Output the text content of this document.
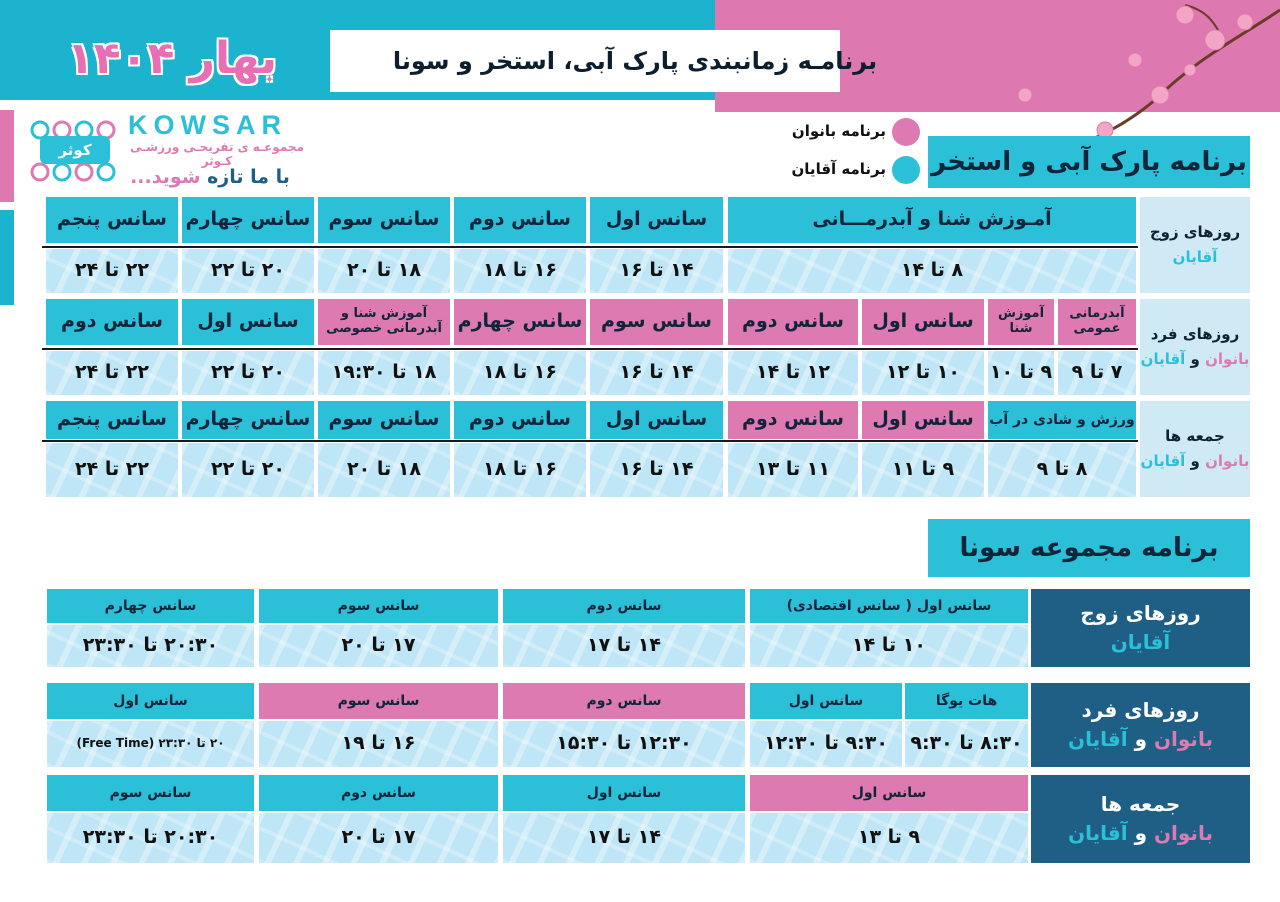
برنامـه زمانبندی پارک آبی، استخر و سونا
بهار ۱۴۰۴
کوثر
KOWSAR
مجموعـه ی تفریحـی ورزشـی کـوثر
با ما تازه شوید...
برنامه بانوان
برنامه آقایان برنامه پارک آبی و استخر
آمـوزش شنا و آبدرمـــانی
سانس اول
سانس دوم
سانس سوم
سانس چهارم
سانس پنجم
۸ تا ۱۴
۱۴ تا ۱۶
۱۶ تا ۱۸
۱۸ تا ۲۰
۲۰ تا ۲۲
۲۲ تا ۲۴
روزهای زوج
آقایان
آبدرمانی عمومی
آموزش شنا
سانس اول
سانس دوم
سانس سوم
سانس چهارم
آموزش شنا و آبدرمانی خصوصی
سانس اول
سانس دوم
۷ تا ۹
۹ تا ۱۰
۱۰ تا ۱۲
۱۲ تا ۱۴
۱۴ تا ۱۶
۱۶ تا ۱۸
۱۸ تا ۱۹:۳۰
۲۰ تا ۲۲
۲۲ تا ۲۴
روزهای فرد
بانوان و آقایان
ورزش و شادی در آب
سانس اول
سانس دوم
سانس اول
سانس دوم
سانس سوم
سانس چهارم
سانس پنجم
۸ تا ۹
۹ تا ۱۱
۱۱ تا ۱۳
۱۴ تا ۱۶
۱۶ تا ۱۸
۱۸ تا ۲۰
۲۰ تا ۲۲
۲۲ تا ۲۴
جمعه ها
بانوان و آقایان
برنامه مجموعه سونا
سانس اول ( سانس اقتصادی)
سانس دوم
سانس سوم
سانس چهارم
۱۰ تا ۱۴
۱۴ تا ۱۷
۱۷ تا ۲۰
۲۰:۳۰ تا ۲۳:۳۰
روزهای زوج
آقایان
هات یوگا
سانس اول
سانس دوم
سانس سوم
سانس اول
۸:۳۰ تا ۹:۳۰
۹:۳۰ تا ۱۲:۳۰
۱۲:۳۰ تا ۱۵:۳۰
۱۶ تا ۱۹
۲۰ تا ۲۳:۳۰ (Free Time)
روزهای فرد
بانوان و آقایان
سانس اول
سانس اول
سانس دوم
سانس سوم
۹ تا ۱۳
۱۴ تا ۱۷
۱۷ تا ۲۰
۲۰:۳۰ تا ۲۳:۳۰
جمعه ها
بانوان و آقایان
